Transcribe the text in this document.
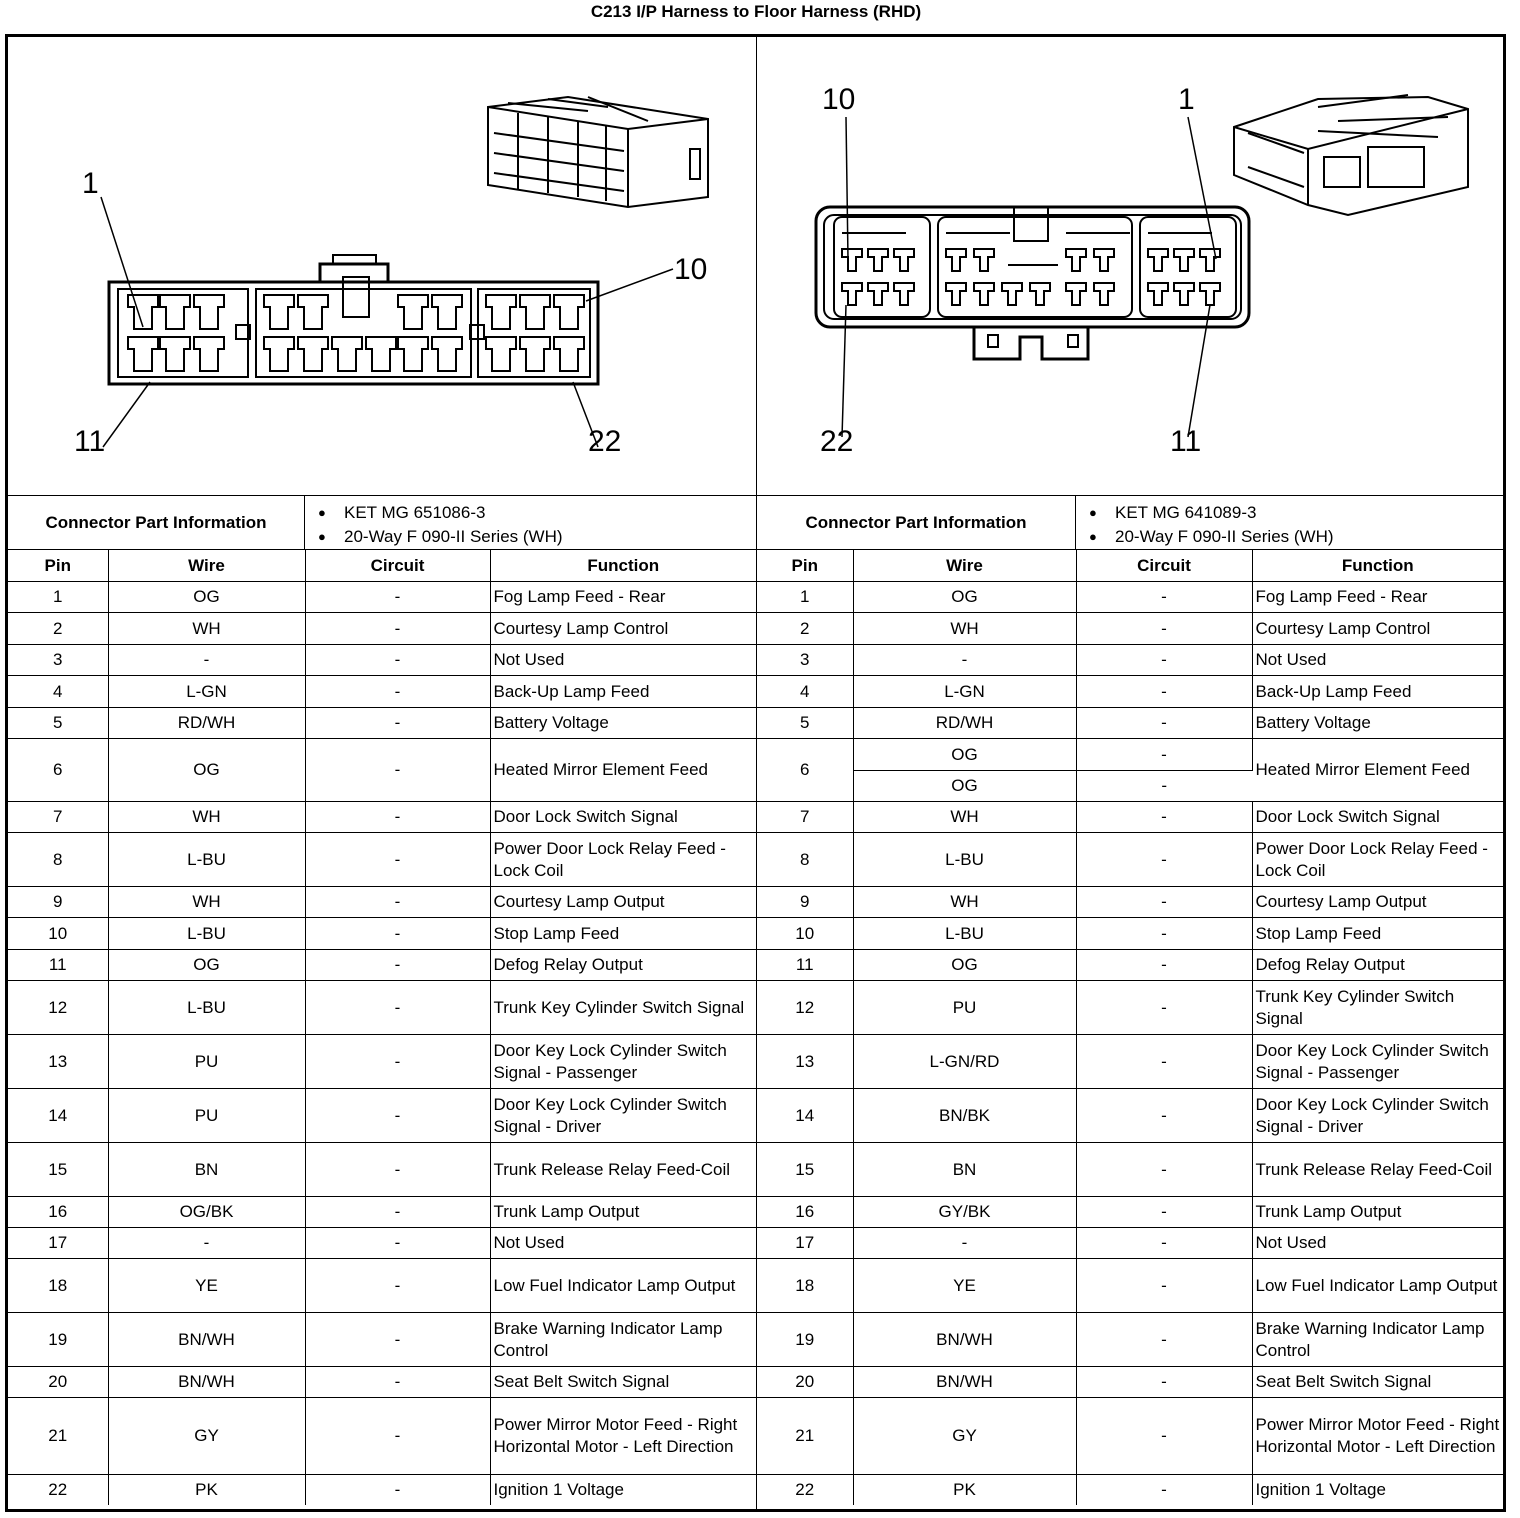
C213 I/P Harness to Floor Harness (RHD)
1
10
11	22
10	1
22	11
Connector Part Information	● KET MG 651086-3
● 20-Way F 090-II Series (WH)
Pin	Wire	Circuit	Function
1	OG	-	Fog Lamp Feed - Rear
2	WH	-	Courtesy Lamp Control
3	-	-	Not Used
4	L-GN	-	Back-Up Lamp Feed
5	RD/WH	-	Battery Voltage
6	OG	-	Heated Mirror Element Feed
7	WH	-	Door Lock Switch Signal
8	L-BU	-	Power Door Lock Relay Feed - Lock Coil
9	WH	-	Courtesy Lamp Output
10	L-BU	-	Stop Lamp Feed
11	OG	-	Defog Relay Output
12	L-BU	-	Trunk Key Cylinder Switch Signal
13	PU	-	Door Key Lock Cylinder Switch Signal - Passenger
14	PU	-	Door Key Lock Cylinder Switch Signal - Driver
15	BN	-	Trunk Release Relay Feed-Coil
16	OG/BK	-	Trunk Lamp Output
17	-	-	Not Used
18	YE	-	Low Fuel Indicator Lamp Output
19	BN/WH	-	Brake Warning Indicator Lamp Control
20	BN/WH	-	Seat Belt Switch Signal
21	GY	-	Power Mirror Motor Feed - Right Horizontal Motor - Left Direction
22	PK	-	Ignition 1 Voltage
Connector Part Information	● KET MG 641089-3
● 20-Way F 090-II Series (WH)
Pin	Wire	Circuit	Function
1	OG	-	Fog Lamp Feed - Rear
2	WH	-	Courtesy Lamp Control
3	-	-	Not Used
4	L-GN	-	Back-Up Lamp Feed
5	RD/WH	-	Battery Voltage
6	OG	-	Heated Mirror Element Feed
	OG	-	
7	WH	-	Door Lock Switch Signal
8	L-BU	-	Power Door Lock Relay Feed - Lock Coil
9	WH	-	Courtesy Lamp Output
10	L-BU	-	Stop Lamp Feed
11	OG	-	Defog Relay Output
12	PU	-	Trunk Key Cylinder Switch Signal
13	L-GN/RD	-	Door Key Lock Cylinder Switch Signal - Passenger
14	BN/BK	-	Door Key Lock Cylinder Switch Signal - Driver
15	BN	-	Trunk Release Relay Feed-Coil
16	GY/BK	-	Trunk Lamp Output
17	-	-	Not Used
18	YE	-	Low Fuel Indicator Lamp Output
19	BN/WH	-	Brake Warning Indicator Lamp Control
20	BN/WH	-	Seat Belt Switch Signal
21	GY	-	Power Mirror Motor Feed - Right Horizontal Motor - Left Direction
22	PK	-	Ignition 1 Voltage
